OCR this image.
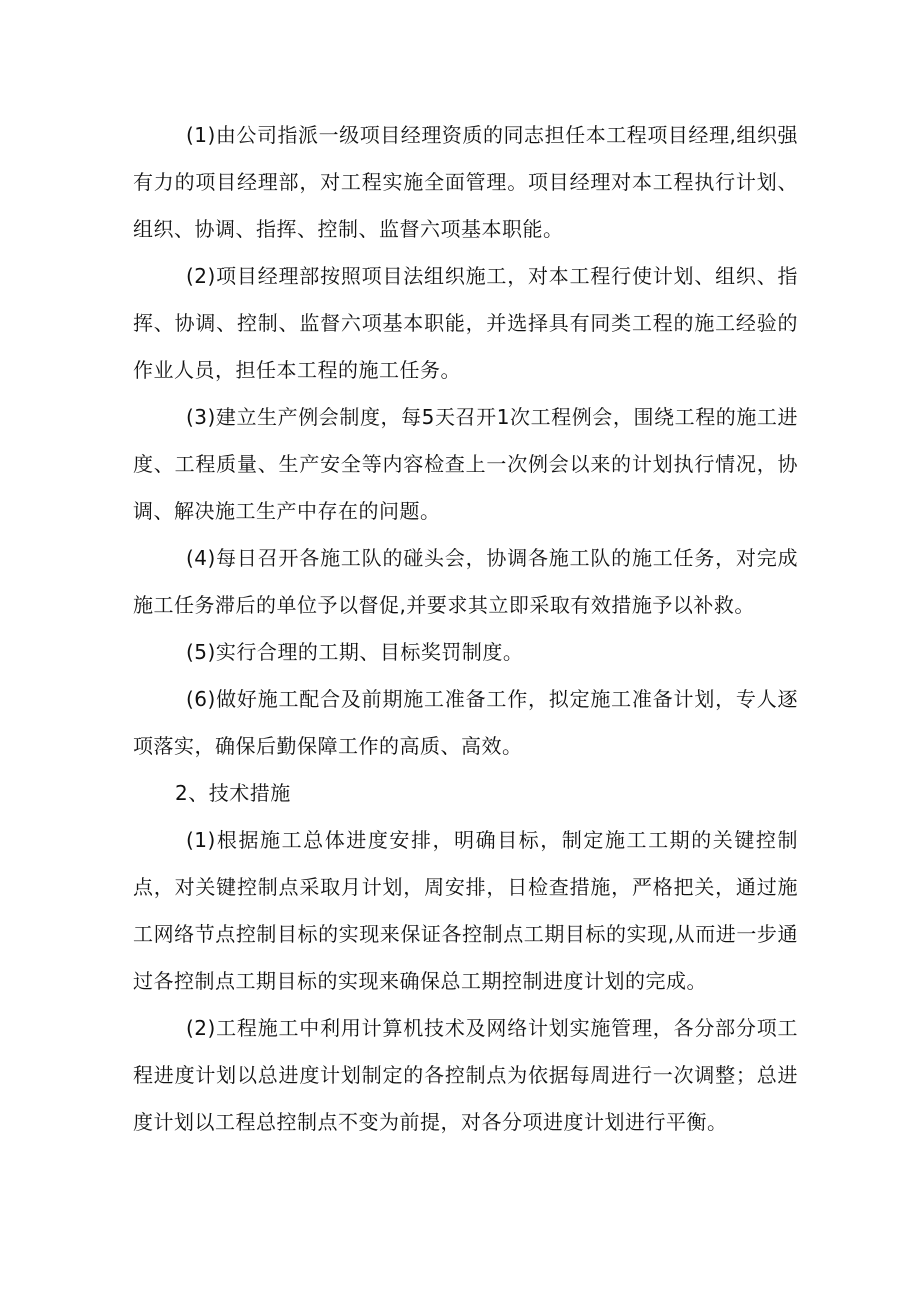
(1)由公司指派一级项目经理资质的同志担任本工程项目经理,组织强有力的项目经理部，对工程实施全面管理。项目经理对本工程执行计划、组织、协调、指挥、控制、监督六项基本职能。

(2)项目经理部按照项目法组织施工，对本工程行使计划、组织、指挥、协调、控制、监督六项基本职能，并选择具有同类工程的施工经验的作业人员，担任本工程的施工任务。

(3)建立生产例会制度，每5天召开1次工程例会，围绕工程的施工进度、工程质量、生产安全等内容检查上一次例会以来的计划执行情况，协调、解决施工生产中存在的问题。

(4)每日召开各施工队的碰头会，协调各施工队的施工任务，对完成施工任务滞后的单位予以督促,并要求其立即采取有效措施予以补救。

(5)实行合理的工期、目标奖罚制度。

(6)做好施工配合及前期施工准备工作，拟定施工准备计划，专人逐项落实，确保后勤保障工作的高质、高效。

2、技术措施

(1)根据施工总体进度安排，明确目标，制定施工工期的关键控制点，对关键控制点采取月计划，周安排，日检查措施，严格把关，通过施工网络节点控制目标的实现来保证各控制点工期目标的实现,从而进一步通过各控制点工期目标的实现来确保总工期控制进度计划的完成。

(2)工程施工中利用计算机技术及网络计划实施管理，各分部分项工程进度计划以总进度计划制定的各控制点为依据每周进行一次调整；总进度计划以工程总控制点不变为前提，对各分项进度计划进行平衡。
